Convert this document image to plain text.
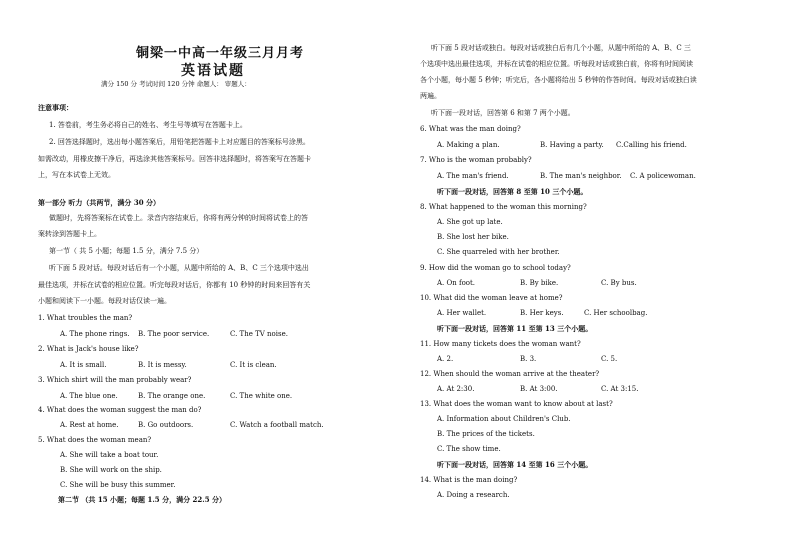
铜梁一中高一年级三月月考
英语试题
满分 150 分 考试时间 120 分钟 命题人： 审题人：
注意事项：
1. 答卷前，考生务必将自己的姓名、考生号等填写在答题卡上。
2. 回答选择题时，选出每小题答案后，用铅笔把答题卡上对应题目的答案标号涂黑。
如需改动，用橡皮擦干净后，再选涂其他答案标号。回答非选择题时，将答案写在答题卡
上，写在本试卷上无效。
第一部分 听力（共两节，满分 30 分）
做题时，先将答案标在试卷上。录音内容结束后，你将有两分钟的时间将试卷上的答
案转涂到答题卡上。
第一节（ 共 5 小题；每题 1.5 分，满分 7.5 分）
听下面 5 段对话。每段对话后有一个小题，从题中所给的 A、B、C 三个选项中选出
最佳选项，并标在试卷的相应位置。听完每段对话后，你都有 10 秒钟的时间来回答有关
小题和阅读下一小题。每段对话仅读一遍。
1. What troubles the man?
A. The phone rings. B. The poor service.	C. The TV noise.
2. What is Jack's house like?
A. It is small.	B. It is messy.	C. It is clean.
3. Which shirt will the man probably wear?
A. The blue one.	B. The orange one.	C. The white one.
4. What does the woman suggest the man do?
A. Rest at home.	B. Go outdoors.	C. Watch a football match.
5. What does the woman mean?
A. She will take a boat tour.
B. She will work on the ship.
C. She will be busy this summer.
第二节 （共 15 小题；每题 1.5 分，满分 22.5 分）
听下面 5 段对话或独白。每段对话或独白后有几个小题，从题中所给的 A、B、C 三
个选项中选出最佳选项，并标在试卷的相应位置。听每段对话或独白前，你将有时间阅读
各个小题，每小题 5 秒钟；听完后，各小题将给出 5 秒钟的作答时间。每段对话或独白读
两遍。
听下面一段对话，回答第 6 和第 7 两个小题。
6. What was the man doing?
A. Making a plan.	B. Having a party. C.Calling his friend.
7. Who is the woman probably?
A. The man's friend.	B. The man's neighbor. C. A policewoman.
听下面一段对话，回答第 8 至第 10 三个小题。
8. What happened to the woman this morning?
A. She got up late.
B. She lost her bike.
C. She quarreled with her brother.
9. How did the woman go to school today?
A. On foot.	B. By bike.	C. By bus.
10. What did the woman leave at home?
A. Her wallet.	B. Her keys.	C. Her schoolbag.
听下面一段对话，回答第 11 至第 13 三个小题。
11. How many tickets does the woman want?
A. 2.	B. 3.	C. 5.
12. When should the woman arrive at the theater?
A. At 2:30.	B. At 3:00.	C. At 3:15.
13. What does the woman want to know about at last?
A. Information about Children's Club.
B. The prices of the tickets.
C. The show time.
听下面一段对话，回答第 14 至第 16 三个小题。
14. What is the man doing?
A. Doing a research.
